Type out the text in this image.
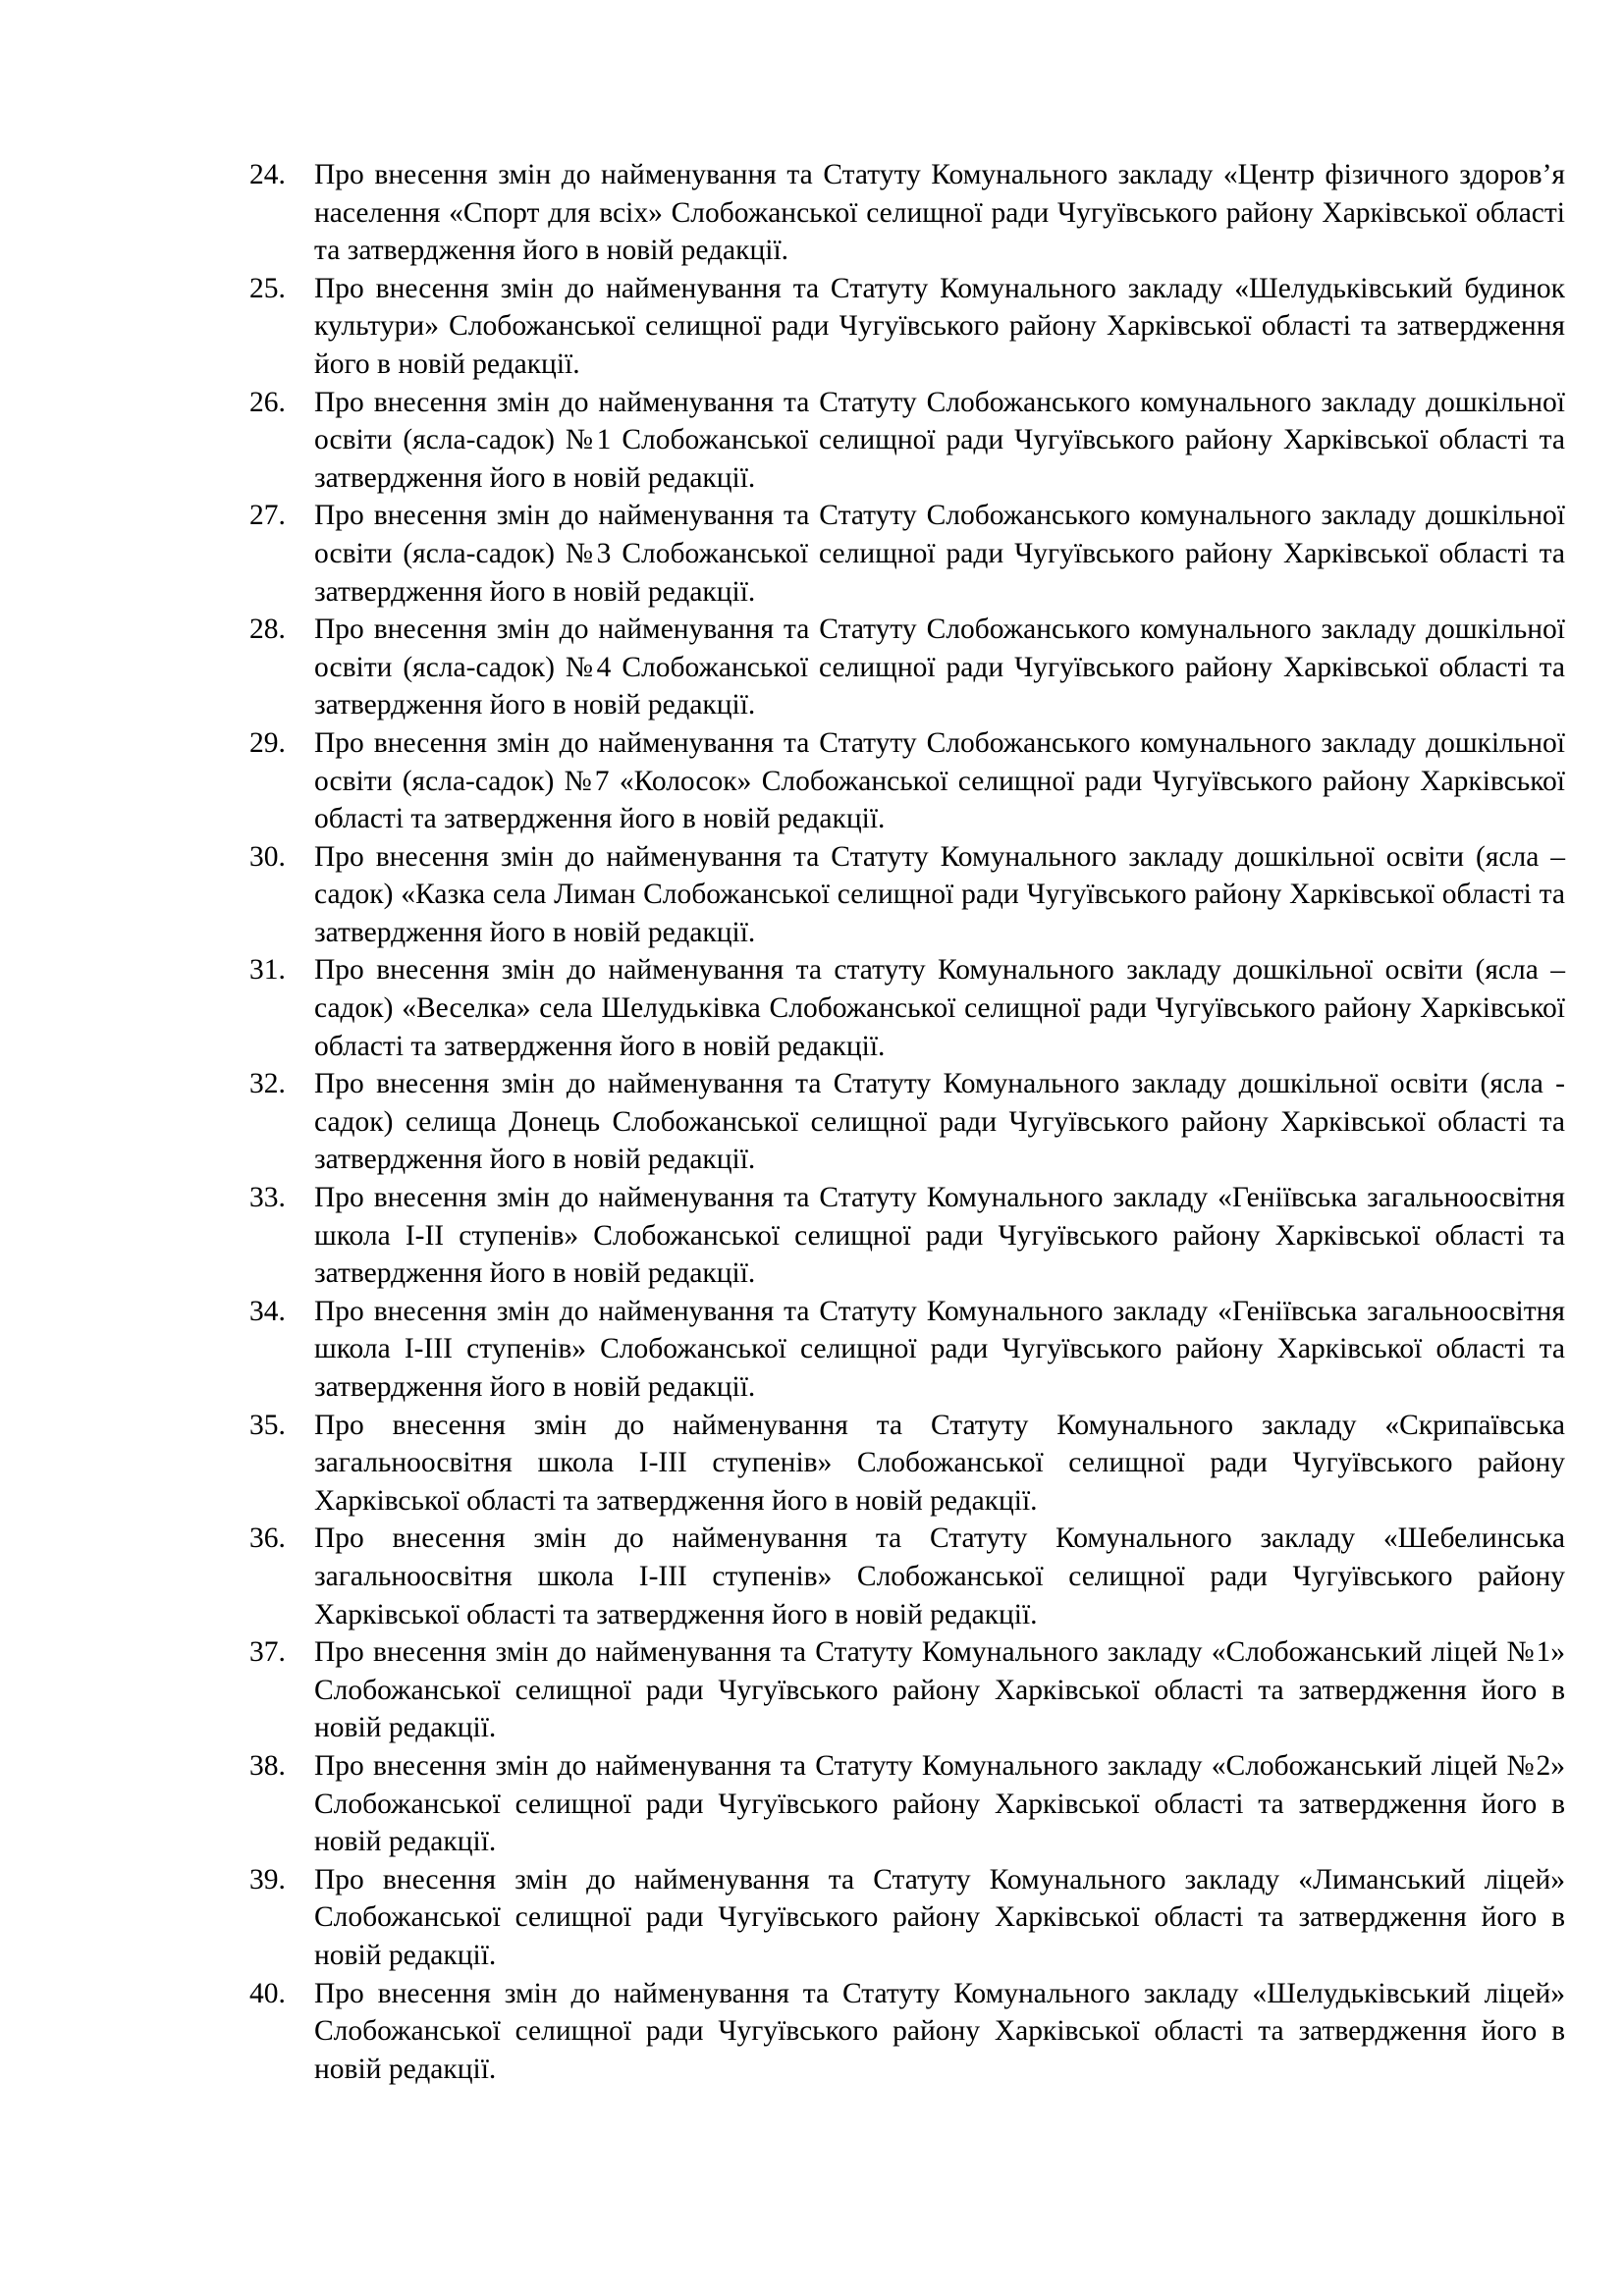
24. Про внесення змін до найменування та Статуту Комунального закладу «Центр фізичного здоров’я населення «Спорт для всіх» Слобожанської селищної ради Чугуївського району Харківської області та затвердження його в новій редакції.
25. Про внесення змін до найменування та Статуту Комунального закладу «Шелудьківський будинок культури» Слобожанської селищної ради Чугуївського району Харківської області та затвердження його в новій редакції.
26. Про внесення змін до найменування та Статуту Слобожанського комунального закладу дошкільної освіти (ясла-садок) №1 Слобожанської селищної ради Чугуївського району Харківської області та затвердження його в новій редакції.
27. Про внесення змін до найменування та Статуту Слобожанського комунального закладу дошкільної освіти (ясла-садок) №3 Слобожанської селищної ради Чугуївського району Харківської області та затвердження його в новій редакції.
28. Про внесення змін до найменування та Статуту Слобожанського комунального закладу дошкільної освіти (ясла-садок) №4 Слобожанської селищної ради Чугуївського району Харківської області та затвердження його в новій редакції.
29. Про внесення змін до найменування та Статуту Слобожанського комунального закладу дошкільної освіти (ясла-садок) №7 «Колосок» Слобожанської селищної ради Чугуївського району Харківської області та затвердження його в новій редакції.
30. Про внесення змін до найменування та Статуту Комунального закладу дошкільної освіти (ясла – садок) «Казка села Лиман Слобожанської селищної ради Чугуївського району Харківської області та затвердження його в новій редакції.
31. Про внесення змін до найменування та статуту Комунального закладу дошкільної освіти (ясла – садок) «Веселка» села Шелудьківка Слобожанської селищної ради Чугуївського району Харківської області та затвердження його в новій редакції.
32. Про внесення змін до найменування та Статуту Комунального закладу дошкільної освіти (ясла - садок) селища Донець Слобожанської селищної ради Чугуївського району Харківської області та затвердження його в новій редакції.
33. Про внесення змін до найменування та Статуту Комунального закладу «Геніївська загальноосвітня школа І-ІІ ступенів» Слобожанської селищної ради Чугуївського району Харківської області та затвердження його в новій редакції.
34. Про внесення змін до найменування та Статуту Комунального закладу «Геніївська загальноосвітня школа І-ІІІ ступенів» Слобожанської селищної ради Чугуївського району Харківської області та затвердження його в новій редакції.
35. Про внесення змін до найменування та Статуту Комунального закладу «Скрипаївська загальноосвітня школа І-ІІІ ступенів» Слобожанської селищної ради Чугуївського району Харківської області та затвердження його в новій редакції.
36. Про внесення змін до найменування та Статуту Комунального закладу «Шебелинська загальноосвітня школа І-ІІІ ступенів» Слобожанської селищної ради Чугуївського району Харківської області та затвердження його в новій редакції.
37. Про внесення змін до найменування та Статуту Комунального закладу «Слобожанський ліцей №1» Слобожанської селищної ради Чугуївського району Харківської області та затвердження його в новій редакції.
38. Про внесення змін до найменування та Статуту Комунального закладу «Слобожанський ліцей №2» Слобожанської селищної ради Чугуївського району Харківської області та затвердження його в новій редакції.
39. Про внесення змін до найменування та Статуту Комунального закладу «Лиманський ліцей» Слобожанської селищної ради Чугуївського району Харківської області та затвердження його в новій редакції.
40. Про внесення змін до найменування та Статуту Комунального закладу «Шелудьківський ліцей» Слобожанської селищної ради Чугуївського району Харківської області та затвердження його в новій редакції.
